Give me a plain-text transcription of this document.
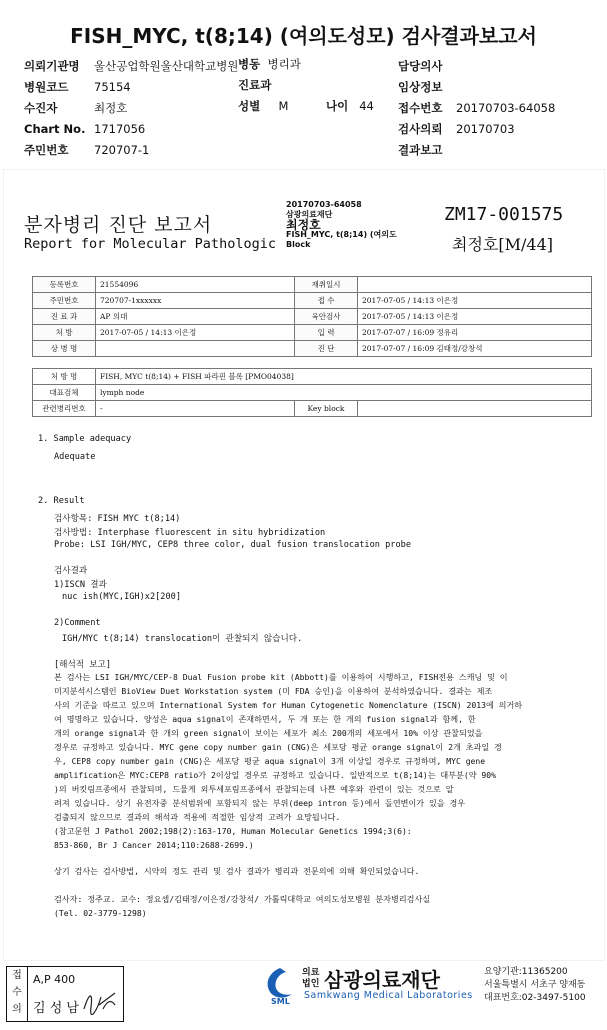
FISH_MYC, t(8;14) (여의도성모) 검사결과보고서
의뢰기관명 울산공업학원울산대학교병원
병원코드 75154
수진자	최정호
Chart No. 1717056
주민번호 720707-1
병동 병리과
진료과
성별 M	나이 44
담당의사
임상정보
접수번호 20170703-64058
검사의뢰 20170703
결과보고
분자병리 진단 보고서
Report for Molecular Pathologic
20170703-64058
삼광의료재단
최정호
FISH_MYC, t(8;14) (여의도
Block
ZM17-001575
최정호[M/44]
등록번호	21554096	재취일시	
주민번호	720707-1xxxxxx	접 수	2017-07-05 / 14:13 이은정
진 료 과	AP 의대	육안검사	2017-07-05 / 14:13 이은정
처 방	2017-07-05 / 14:13 이은정	입 력	2017-07-07 / 16:09 정유리
상 병 명		진 단	2017-07-07 / 16:09 김태정/강창석
처 방 명	FISH, MYC t(8;14) + FISH 파라핀 블록 [PMO04038]		
대표검체	lymph node		
관련병리번호	-	Key block	
1. Sample adequacy
Adequate
2. Result
검사항목: FISH MYC t(8;14)
검사방법: Interphase fluorescent in situ hybridization
Probe: LSI IGH/MYC, CEP8 three color, dual fusion translocation probe
검사결과
1)ISCN 결과
nuc ish(MYC,IGH)x2[200]
2)Comment
IGH/MYC t(8;14) translocation이 관찰되지 않습니다.
[해석적 보고]
본 검사는 LSI IGH/MYC/CEP-8 Dual Fusion probe kit (Abbott)를 이용하여 시행하고, FISH전용 스캐닝 및 이
미지분석시스템인 BioView Duet Workstation system (미 FDA 승인)을 이용하여 분석하였습니다. 결과는 제조
사의 기준을 따르고 있으며 International System for Human Cytogenetic Nomenclature (ISCN) 2013에 의거하
여 명명하고 있습니다. 양성은 aqua signal이 존재하면서, 두 개 또는 한 개의 fusion signal과 함께, 한
개의 orange signal과 한 개의 green signal이 보이는 세포가 최소 200개의 세포에서 10% 이상 관찰되었을
경우로 규정하고 있습니다. MYC gene copy number gain (CNG)은 세포당 평균 orange signal이 2개 초과일 경
우, CEP8 copy number gain (CNG)은 세포당 평균 aqua signal이 3개 이상일 경우로 규정하며, MYC gene
amplification은 MYC:CEP8 ratio가 2이상일 경우로 규정하고 있습니다. 일반적으로 t(8;14)는 대부분(약 90%
)의 버킷림프종에서 관찰되며, 드물게 외투세포림프종에서 관찰되는데 나쁜 예후와 관련이 있는 것으로 알
려져 있습니다. 상기 유전자중 분석범위에 포함되지 않는 부위(deep intron 등)에서 돌연변이가 있을 경우
검출되지 않으므로 결과의 해석과 적용에 적절한 임상적 고려가 요망됩니다.
(참고문헌 J Pathol 2002;198(2):163-170, Human Molecular Genetics 1994;3(6):
853-860, Br J Cancer 2014;110:2688-2699.)
상기 검사는 검사방법, 시약의 정도 관리 및 검사 결과가 병리과 전문의에 의해 확인되었습니다.
검사자: 정주교. 교수: 정요셉/김태정/이은정/강창석/ 가톨릭대학교 여의도성모병원 분자병리검사실
(Tel. 02-3779-1298)
접
수
의
A,P 400
김 성 남	SML
의료
법인 삼광의료재단
Samkwang Medical Laboratories
요양기관:11365200
서울특별시 서초구 양재동
대표번호:02-3497-5100
